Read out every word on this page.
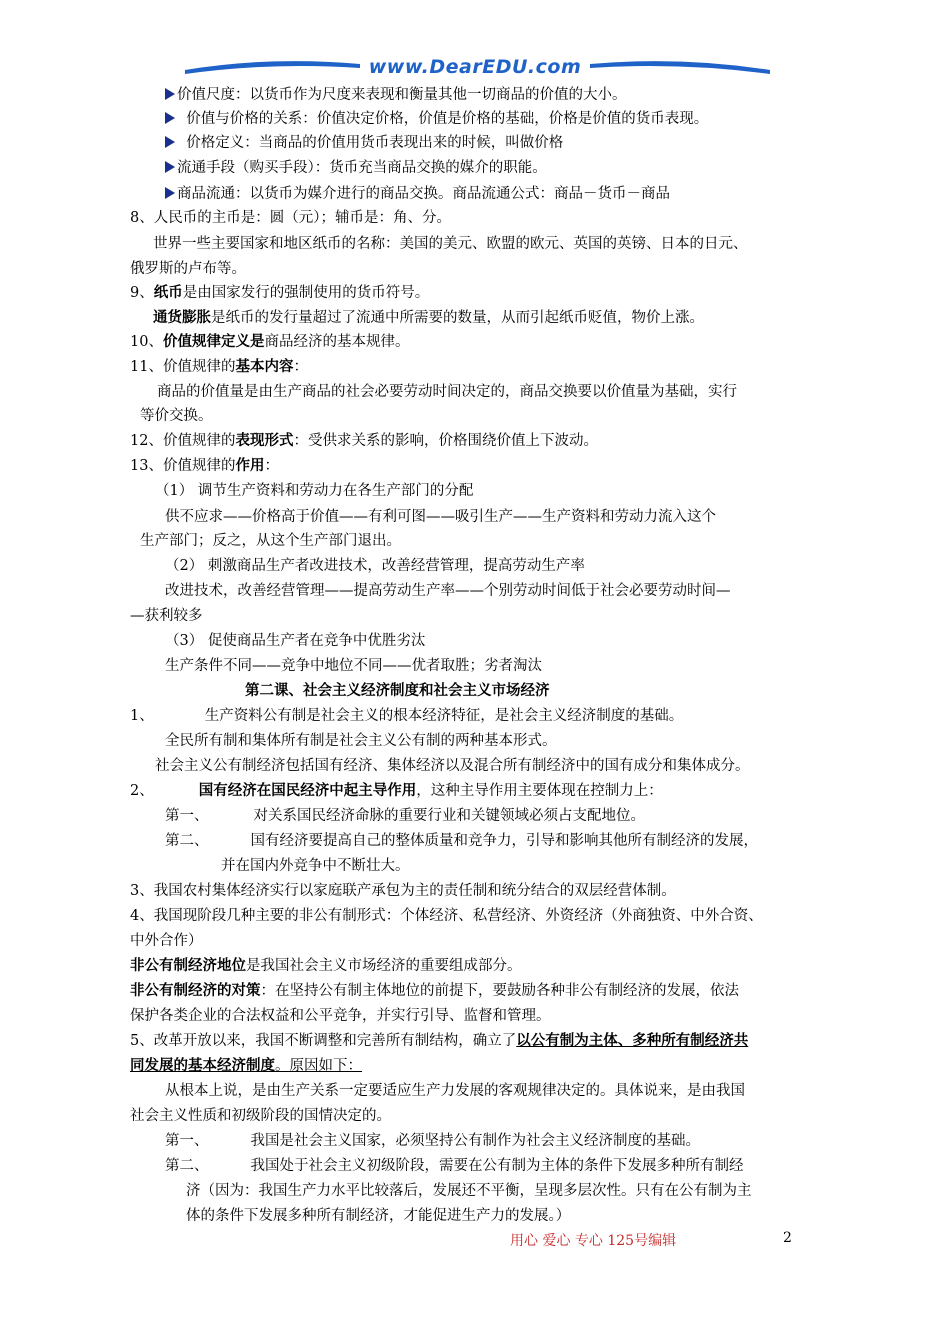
www.DearEDU.com
价值尺度：以货币作为尺度来表现和衡量其他一切商品的价值的大小。
价值与价格的关系：价值决定价格，价值是价格的基础，价格是价值的货币表现。
价格定义：当商品的价值用货币表现出来的时候，叫做价格
流通手段（购买手段）：货币充当商品交换的媒介的职能。
商品流通：以货币为媒介进行的商品交换。商品流通公式：商品－货币－商品
8、人民币的主币是：圆（元）；辅币是：角、分。
世界一些主要国家和地区纸币的名称：美国的美元、欧盟的欧元、英国的英镑、日本的日元、
俄罗斯的卢布等。
9、纸币是由国家发行的强制使用的货币符号。
通货膨胀是纸币的发行量超过了流通中所需要的数量，从而引起纸币贬值，物价上涨。
10、价值规律定义是商品经济的基本规律。
11、价值规律的基本内容：
商品的价值量是由生产商品的社会必要劳动时间决定的，商品交换要以价值量为基础，实行
等价交换。
12、价值规律的表现形式：受供求关系的影响，价格围绕价值上下波动。
13、价值规律的作用：
（1） 调节生产资料和劳动力在各生产部门的分配
供不应求——价格高于价值——有利可图——吸引生产——生产资料和劳动力流入这个
生产部门；反之，从这个生产部门退出。
（2） 刺激商品生产者改进技术，改善经营管理，提高劳动生产率
改进技术，改善经营管理——提高劳动生产率——个别劳动时间低于社会必要劳动时间—
—获利较多
（3） 促使商品生产者在竞争中优胜劣汰
生产条件不同——竞争中地位不同——优者取胜；劣者淘汰
第二课、社会主义经济制度和社会主义市场经济
1、	生产资料公有制是社会主义的根本经济特征，是社会主义经济制度的基础。
全民所有制和集体所有制是社会主义公有制的两种基本形式。
社会主义公有制经济包括国有经济、集体经济以及混合所有制经济中的国有成分和集体成分。
2、	国有经济在国民经济中起主导作用，这种主导作用主要体现在控制力上：
第一、	对关系国民经济命脉的重要行业和关键领域必须占支配地位。
第二、	国有经济要提高自己的整体质量和竞争力，引导和影响其他所有制经济的发展，
并在国内外竞争中不断壮大。
3、我国农村集体经济实行以家庭联产承包为主的责任制和统分结合的双层经营体制。
4、我国现阶段几种主要的非公有制形式：个体经济、私营经济、外资经济（外商独资、中外合资、
中外合作）
非公有制经济地位是我国社会主义市场经济的重要组成部分。
非公有制经济的对策：在坚持公有制主体地位的前提下，要鼓励各种非公有制经济的发展，依法
保护各类企业的合法权益和公平竞争，并实行引导、监督和管理。
5、改革开放以来，我国不断调整和完善所有制结构，确立了以公有制为主体、多种所有制经济共
同发展的基本经济制度。原因如下：
从根本上说，是由生产关系一定要适应生产力发展的客观规律决定的。具体说来，是由我国
社会主义性质和初级阶段的国情决定的。
第一、	我国是社会主义国家，必须坚持公有制作为社会主义经济制度的基础。
第二、	我国处于社会主义初级阶段，需要在公有制为主体的条件下发展多种所有制经
济（因为：我国生产力水平比较落后，发展还不平衡，呈现多层次性。只有在公有制为主
体的条件下发展多种所有制经济，才能促进生产力的发展。）
用心 爱心 专心 125号编辑	2
